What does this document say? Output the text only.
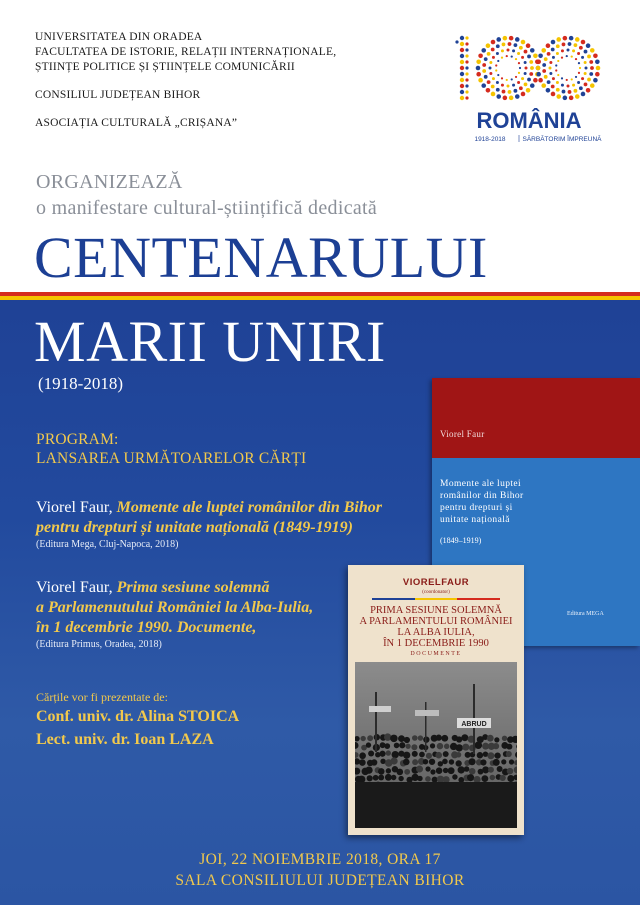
UNIVERSITATEA DIN ORADEA
FACULTATEA DE ISTORIE, RELAȚII INTERNAȚIONALE,
ȘTIINȚE POLITICE ȘI ȘTIINȚELE COMUNICĂRII
CONSILIUL JUDEȚEAN BIHOR
ASOCIAȚIA CULTURALĂ „CRIȘANA”	ROMÂNIA
1918-2018	SĂRBĂTORIM ÎMPREUNĂ
ORGANIZEAZĂ
o manifestare cultural-științifică dedicată
CENTENARULUI
MARII UNIRI
(1918-2018)
PROGRAM:
LANSAREA URMĂTOARELOR CĂRȚI
Viorel Faur, Momente ale luptei românilor din Bihor
pentru drepturi și unitate națională (1849-1919)
(Editura Mega, Cluj-Napoca, 2018)
Viorel Faur, Prima sesiune solemnă
a Parlamenutului României la Alba-Iulia,
în 1 decembrie 1990. Documente,
(Editura Primus, Oradea, 2018)
Cărțile vor fi prezentate de:
Conf. univ. dr. Alina STOICA
Lect. univ. dr. Ioan LAZA
JOI, 22 NOIEMBRIE 2018, ORA 17
SALA CONSILIULUI JUDEȚEAN BIHOR
Viorel Faur
Momente ale luptei
românilor din Bihor
pentru drepturi și
unitate națională
(1849–1919)
Editura MEGA
VIORELFAUR
(coordonator)
PRIMA SESIUNE SOLEMNĂ
A PARLAMENTULUI ROMÂNIEI
LA ALBA IULIA,
ÎN 1 DECEMBRIE 1990
DOCUMENTE
ABRUD
